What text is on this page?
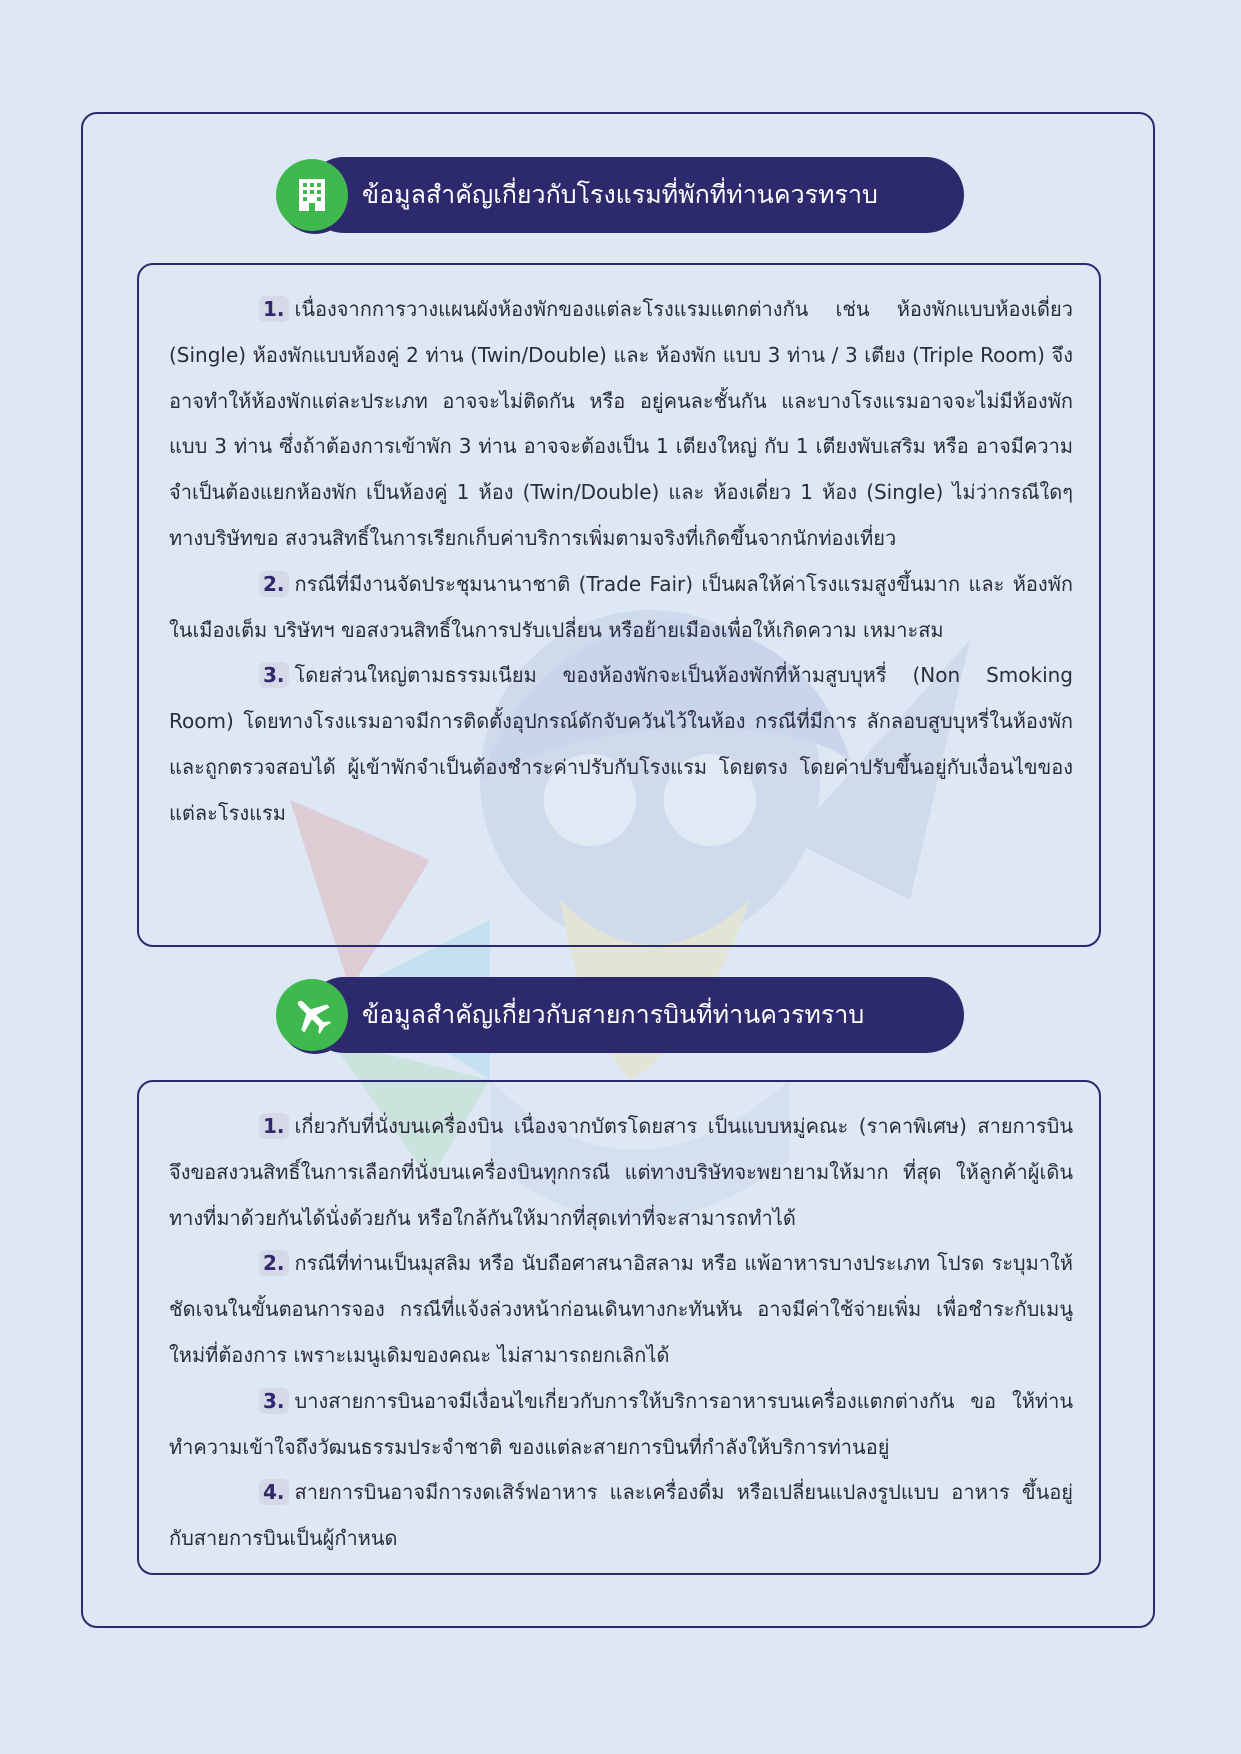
ข้อมูลสำคัญเกี่ยวกับโรงแรมที่พักที่ท่านควรทราบ

1. เนื่องจากการวางแผนผังห้องพักของแต่ละโรงแรมแตกต่างกัน เช่น ห้องพักแบบห้องเดี่ยว (Single) ห้องพักแบบห้องคู่ 2 ท่าน (Twin/Double) และ ห้องพัก แบบ 3 ท่าน / 3 เตียง (Triple Room) จึงอาจทำให้ห้องพักแต่ละประเภท อาจจะไม่ติดกัน หรือ อยู่คนละชั้นกัน และบางโรงแรมอาจจะไม่มีห้องพักแบบ 3 ท่าน ซึ่งถ้าต้องการเข้าพัก 3 ท่าน อาจจะต้องเป็น 1 เตียงใหญ่ กับ 1 เตียงพับเสริม หรือ อาจมีความจำเป็นต้องแยกห้องพัก เป็นห้องคู่ 1 ห้อง (Twin/Double) และ ห้องเดี่ยว 1 ห้อง (Single) ไม่ว่ากรณีใดๆ ทางบริษัทขอ สงวนสิทธิ์ในการเรียกเก็บค่าบริการเพิ่มตามจริงที่เกิดขึ้นจากนักท่องเที่ยว

2. กรณีที่มีงานจัดประชุมนานาชาติ (Trade Fair) เป็นผลให้ค่าโรงแรมสูงขึ้นมาก และ ห้องพักในเมืองเต็ม บริษัทฯ ขอสงวนสิทธิ์ในการปรับเปลี่ยน หรือย้ายเมืองเพื่อให้เกิดความ เหมาะสม

3. โดยส่วนใหญ่ตามธรรมเนียม ของห้องพักจะเป็นห้องพักที่ห้ามสูบบุหรี่ (Non Smoking Room) โดยทางโรงแรมอาจมีการติดตั้งอุปกรณ์ดักจับควันไว้ในห้อง กรณีที่มีการ ลักลอบสูบบุหรี่ในห้องพัก และถูกตรวจสอบได้ ผู้เข้าพักจำเป็นต้องชำระค่าปรับกับโรงแรม โดยตรง โดยค่าปรับขึ้นอยู่กับเงื่อนไขของแต่ละโรงแรม

ข้อมูลสำคัญเกี่ยวกับสายการบินที่ท่านควรทราบ

1. เกี่ยวกับที่นั่งบนเครื่องบิน เนื่องจากบัตรโดยสาร เป็นแบบหมู่คณะ (ราคาพิเศษ) สายการบินจึงขอสงวนสิทธิ์ในการเลือกที่นั่งบนเครื่องบินทุกกรณี แต่ทางบริษัทจะพยายามให้มาก ที่สุด ให้ลูกค้าผู้เดินทางที่มาด้วยกันได้นั่งด้วยกัน หรือใกล้กันให้มากที่สุดเท่าที่จะสามารถทำได้

2. กรณีที่ท่านเป็นมุสลิม หรือ นับถือศาสนาอิสลาม หรือ แพ้อาหารบางประเภท โปรด ระบุมาให้ชัดเจนในขั้นตอนการจอง กรณีที่แจ้งล่วงหน้าก่อนเดินทางกะทันหัน อาจมีค่าใช้จ่ายเพิ่ม เพื่อชำระกับเมนูใหม่ที่ต้องการ เพราะเมนูเดิมของคณะ ไม่สามารถยกเลิกได้

3. บางสายการบินอาจมีเงื่อนไขเกี่ยวกับการให้บริการอาหารบนเครื่องแตกต่างกัน ขอ ให้ท่านทำความเข้าใจถึงวัฒนธรรมประจำชาติ ของแต่ละสายการบินที่กำลังให้บริการท่านอยู่

4. สายการบินอาจมีการงดเสิร์ฟอาหาร และเครื่องดื่ม หรือเปลี่ยนแปลงรูปแบบ อาหาร ขึ้นอยู่กับสายการบินเป็นผู้กำหนด
